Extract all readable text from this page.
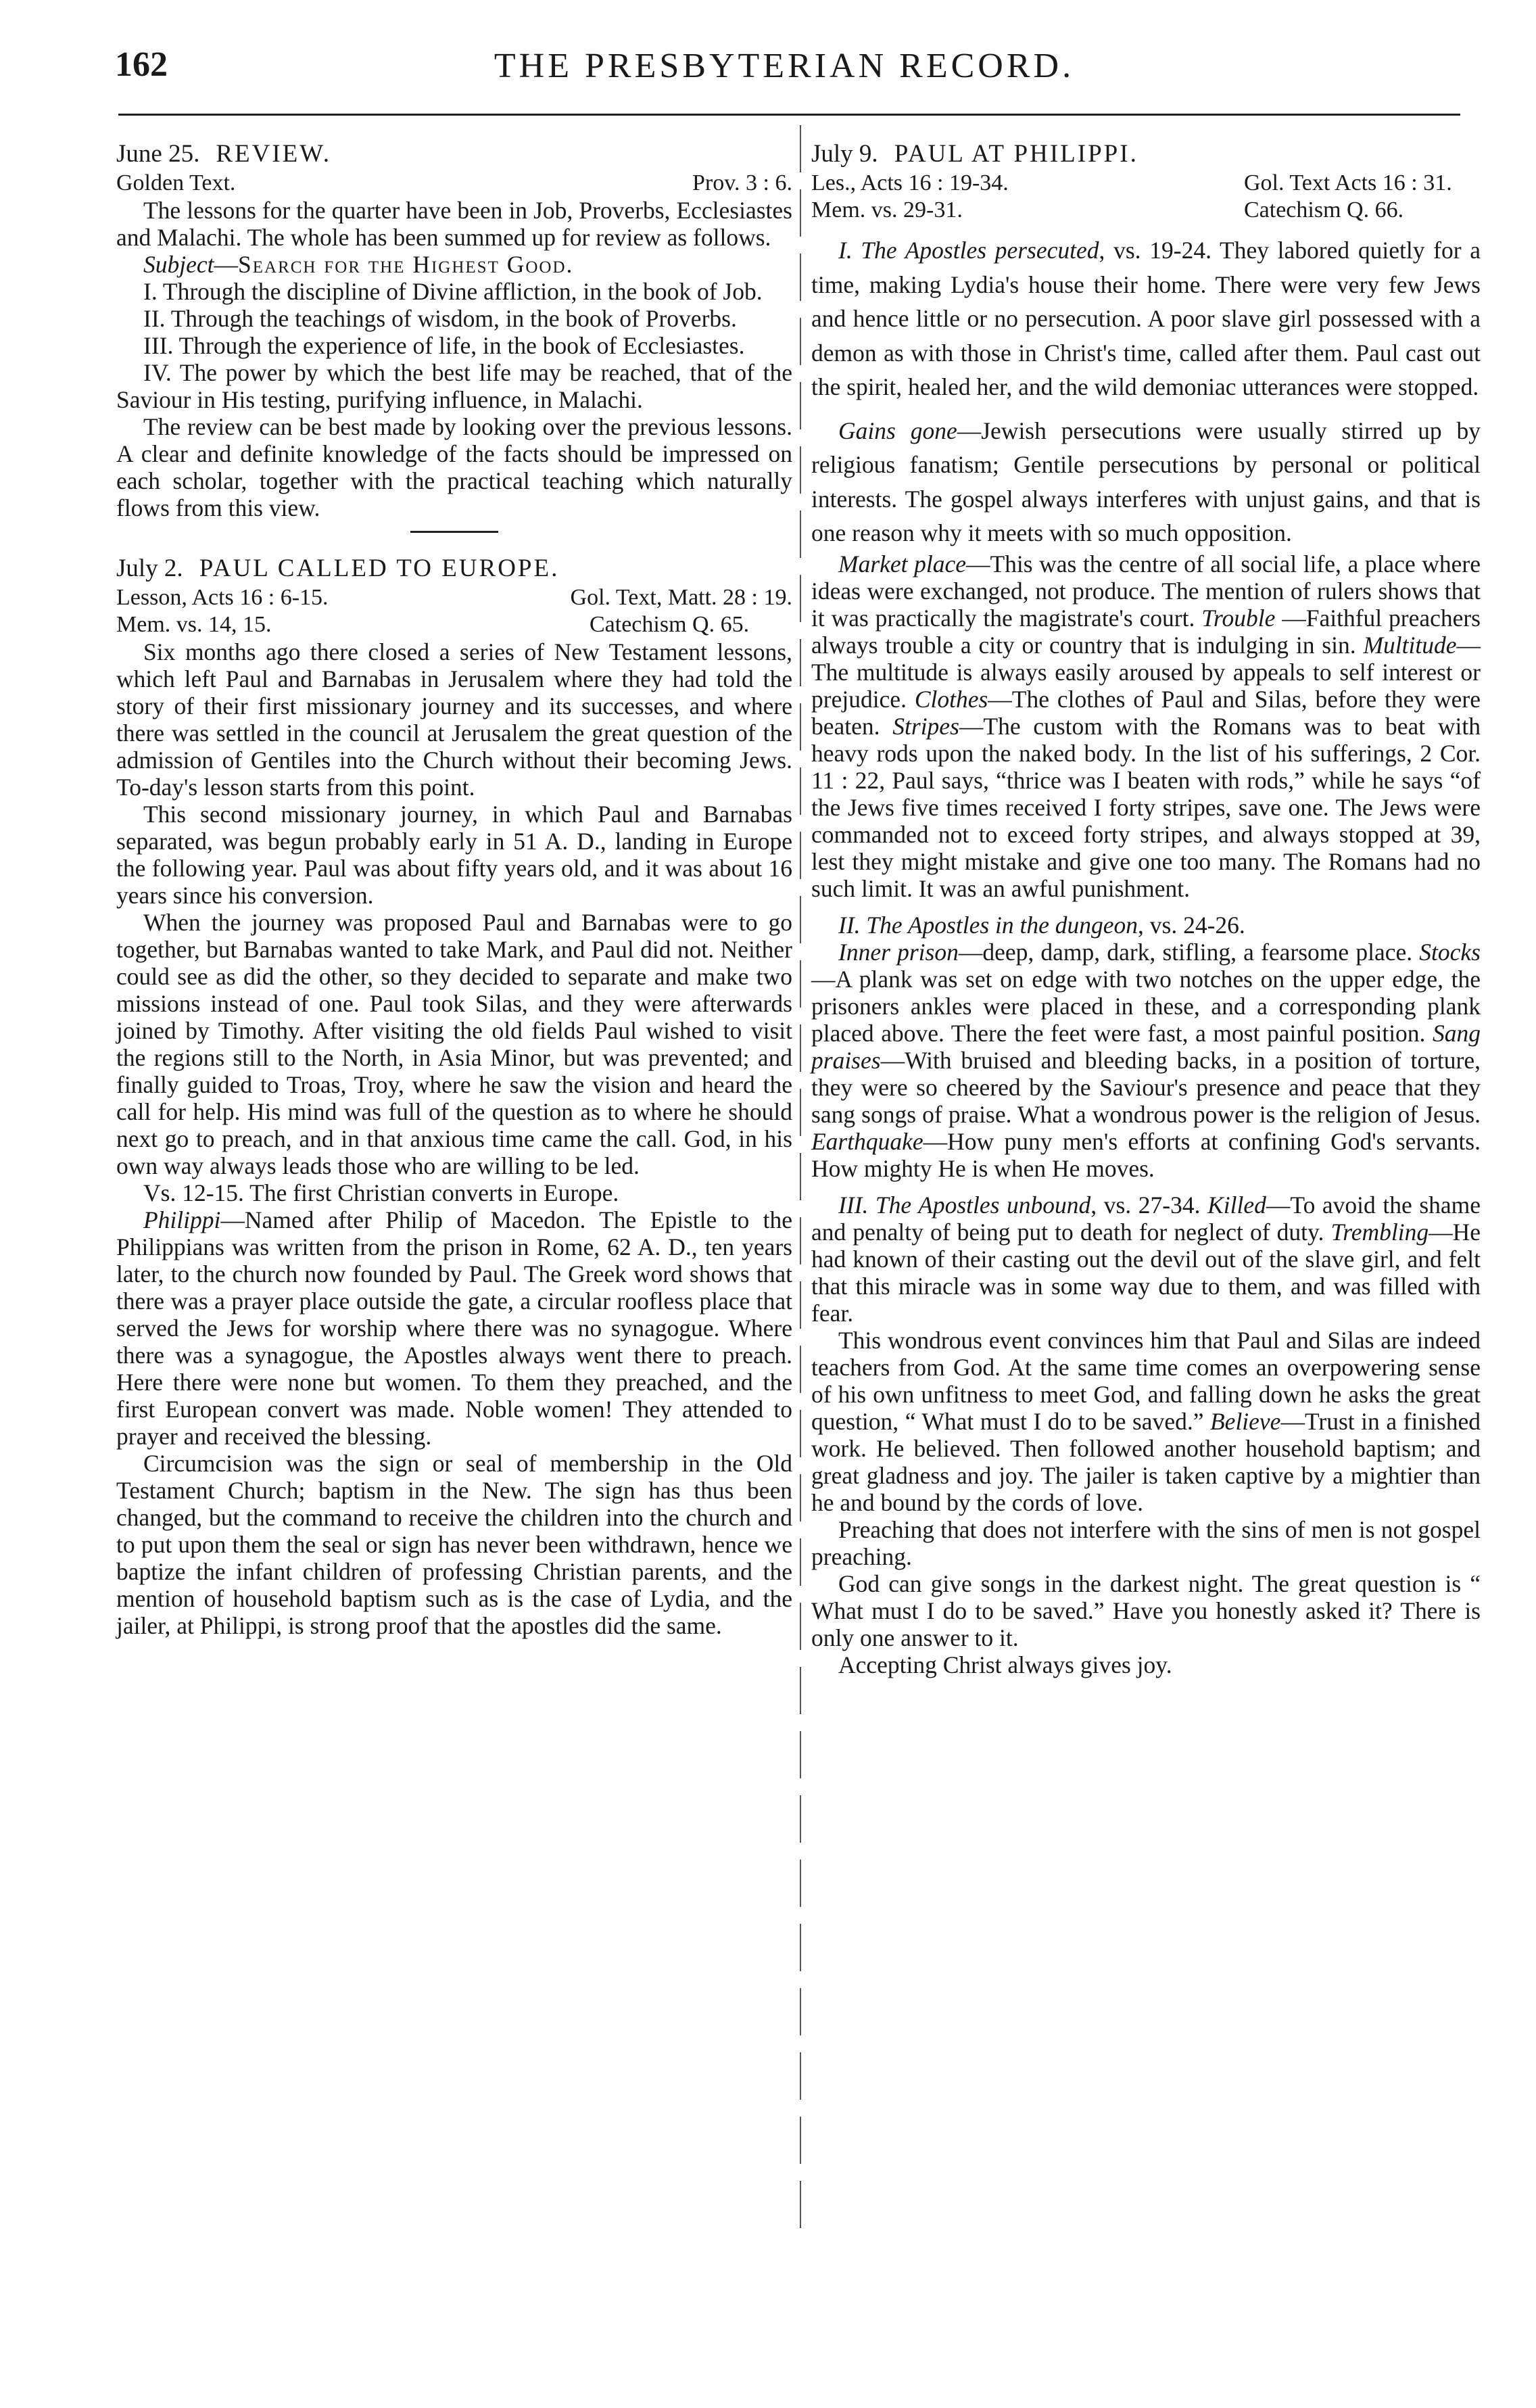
162	THE PRESBYTERIAN RECORD.
June 25. REVIEW.
Golden Text.	Prov. 3 : 6.

The lessons for the quarter have been in Job, Proverbs, Ecclesiastes and Malachi. The whole has been summed up for review as follows.

Subject—Search for the Highest Good.

I. Through the discipline of Divine affliction, in the book of Job.

II. Through the teachings of wisdom, in the book of Proverbs.

III. Through the experience of life, in the book of Ecclesiastes.

IV. The power by which the best life may be reached, that of the Saviour in His testing, purifying influence, in Malachi.

The review can be best made by looking over the previous lessons. A clear and definite knowledge of the facts should be impressed on each scholar, together with the practical teaching which naturally flows from this view.

July 2. PAUL CALLED TO EUROPE.
Lesson, Acts 16 : 6-15.	Gol. Text, Matt. 28 : 19.
Mem. vs. 14, 15.	Catechism Q. 65.

Six months ago there closed a series of New Testament lessons, which left Paul and Barnabas in Jerusalem where they had told the story of their first missionary journey and its successes, and where there was settled in the council at Jerusalem the great question of the admission of Gentiles into the Church without their becoming Jews. To-day's lesson starts from this point.

This second missionary journey, in which Paul and Barnabas separated, was begun probably early in 51 A. D., landing in Europe the following year. Paul was about fifty years old, and it was about 16 years since his conversion.

When the journey was proposed Paul and Barnabas were to go together, but Barnabas wanted to take Mark, and Paul did not. Neither could see as did the other, so they decided to separate and make two missions instead of one. Paul took Silas, and they were afterwards joined by Timothy. After visiting the old fields Paul wished to visit the regions still to the North, in Asia Minor, but was prevented; and finally guided to Troas, Troy, where he saw the vision and heard the call for help. His mind was full of the question as to where he should next go to preach, and in that anxious time came the call. God, in his own way always leads those who are willing to be led.

Vs. 12-15. The first Christian converts in Europe.

Philippi—Named after Philip of Macedon. The Epistle to the Philippians was written from the prison in Rome, 62 A. D., ten years later, to the church now founded by Paul. The Greek word shows that there was a prayer place outside the gate, a circular roofless place that served the Jews for worship where there was no synagogue. Where there was a synagogue, the Apostles always went there to preach. Here there were none but women. To them they preached, and the first European convert was made. Noble women! They attended to prayer and received the blessing.

Circumcision was the sign or seal of membership in the Old Testament Church; baptism in the New. The sign has thus been changed, but the command to receive the children into the church and to put upon them the seal or sign has never been withdrawn, hence we baptize the infant children of professing Christian parents, and the mention of household baptism such as is the case of Lydia, and the jailer, at Philippi, is strong proof that the apostles did the same.

July 9. PAUL AT PHILIPPI.
Les., Acts 16 : 19-34.	Gol. Text Acts 16 : 31.
Mem. vs. 29-31.	Catechism Q. 66.

I. The Apostles persecuted, vs. 19-24. They labored quietly for a time, making Lydia's house their home. There were very few Jews and hence little or no persecution. A poor slave girl possessed with a demon as with those in Christ's time, called after them. Paul cast out the spirit, healed her, and the wild demoniac utterances were stopped.

Gains gone—Jewish persecutions were usually stirred up by religious fanatism; Gentile persecutions by personal or political interests. The gospel always interferes with unjust gains, and that is one reason why it meets with so much opposition.

Market place—This was the centre of all social life, a place where ideas were exchanged, not produce. The mention of rulers shows that it was practically the magistrate's court. Trouble —Faithful preachers always trouble a city or country that is indulging in sin. Multitude—The multitude is always easily aroused by appeals to self interest or prejudice. Clothes—The clothes of Paul and Silas, before they were beaten. Stripes—The custom with the Romans was to beat with heavy rods upon the naked body. In the list of his sufferings, 2 Cor. 11 : 22, Paul says, “thrice was I beaten with rods,” while he says “of the Jews five times received I forty stripes, save one. The Jews were commanded not to exceed forty stripes, and always stopped at 39, lest they might mistake and give one too many. The Romans had no such limit. It was an awful punishment.

II. The Apostles in the dungeon, vs. 24-26.

Inner prison—deep, damp, dark, stifling, a fearsome place. Stocks—A plank was set on edge with two notches on the upper edge, the prisoners ankles were placed in these, and a corresponding plank placed above. There the feet were fast, a most painful position. Sang praises—With bruised and bleeding backs, in a position of torture, they were so cheered by the Saviour's presence and peace that they sang songs of praise. What a wondrous power is the religion of Jesus. Earthquake—How puny men's efforts at confining God's servants. How mighty He is when He moves.

III. The Apostles unbound, vs. 27-34. Killed—To avoid the shame and penalty of being put to death for neglect of duty. Trembling—He had known of their casting out the devil out of the slave girl, and felt that this miracle was in some way due to them, and was filled with fear.

This wondrous event convinces him that Paul and Silas are indeed teachers from God. At the same time comes an overpowering sense of his own unfitness to meet God, and falling down he asks the great question, “ What must I do to be saved.” Believe—Trust in a finished work. He believed. Then followed another household baptism; and great gladness and joy. The jailer is taken captive by a mightier than he and bound by the cords of love.

Preaching that does not interfere with the sins of men is not gospel preaching.

God can give songs in the darkest night. The great question is “ What must I do to be saved.” Have you honestly asked it? There is only one answer to it.

Accepting Christ always gives joy.
